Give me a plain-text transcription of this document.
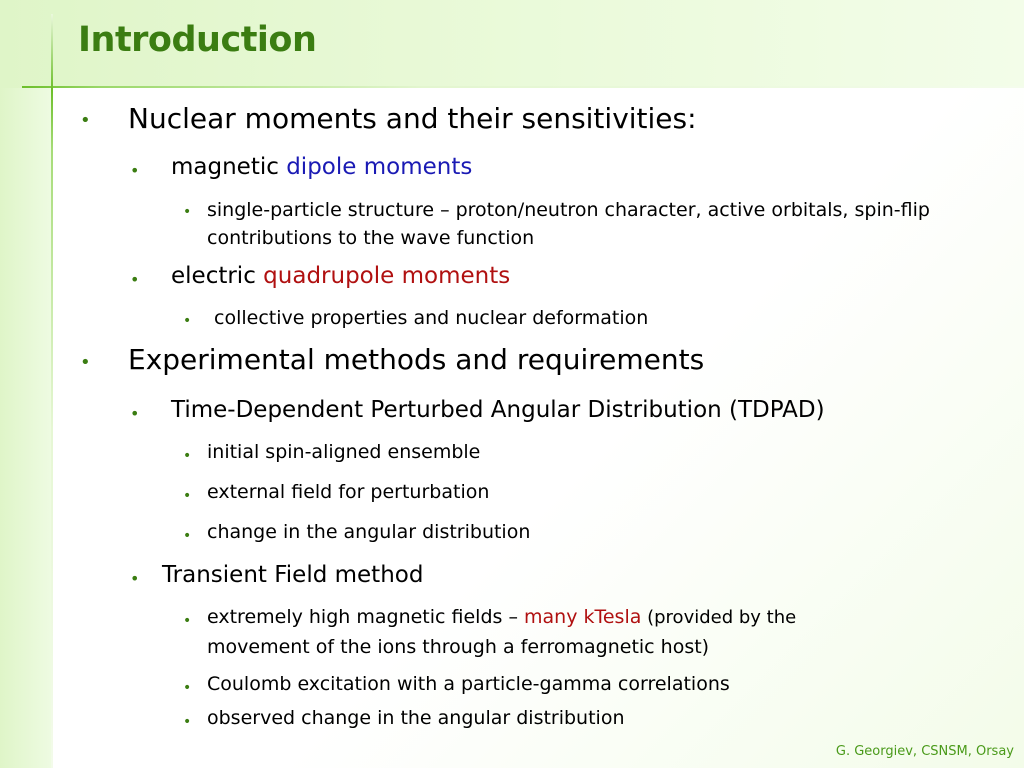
Introduction
• Nuclear moments and their sensitivities:
• magnetic dipole moments
• single-particle structure – proton/neutron character, active orbitals, spin-flip
contributions to the wave function
• electric quadrupole moments
• collective properties and nuclear deformation
• Experimental methods and requirements
• Time-Dependent Perturbed Angular Distribution (TDPAD)
• initial spin-aligned ensemble
• external field for perturbation
• change in the angular distribution
• Transient Field method
• extremely high magnetic fields – many kTesla (provided by the
movement of the ions through a ferromagnetic host)
• Coulomb excitation with a particle-gamma correlations
• observed change in the angular distribution
G. Georgiev, CSNSM, Orsay
